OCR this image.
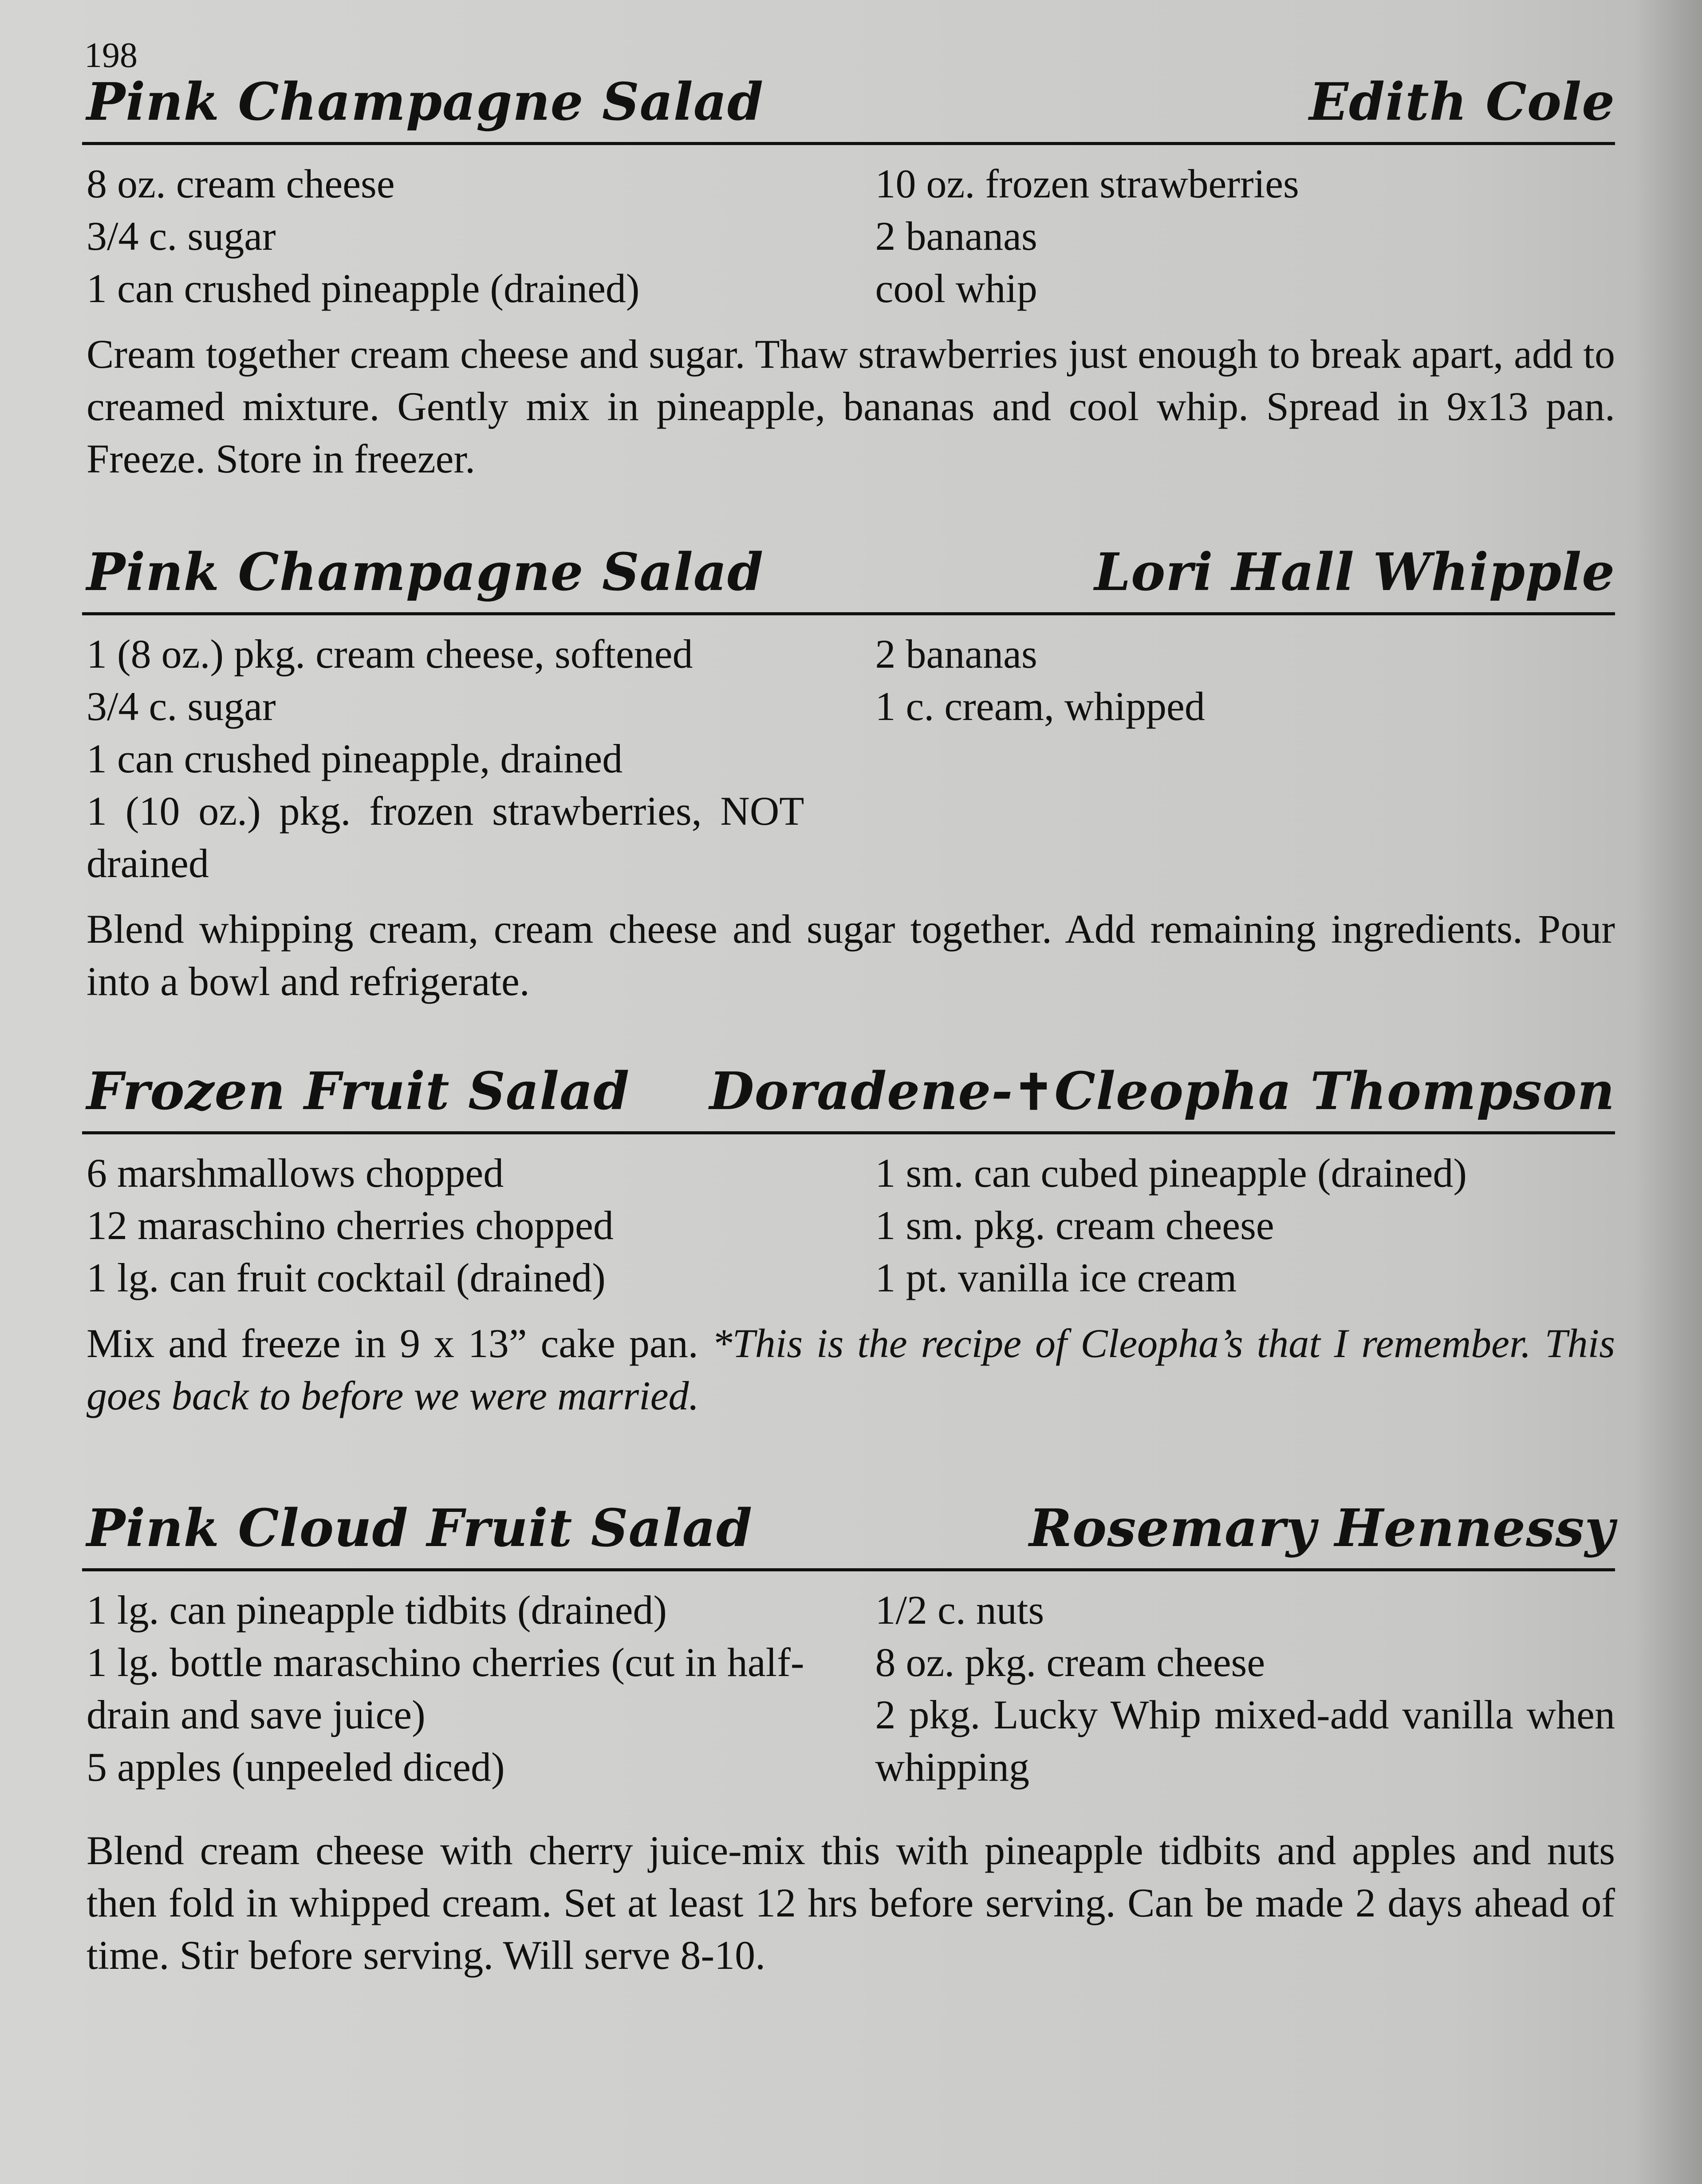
198
Pink Champagne Salad	Edith Cole
8 oz. cream cheese
3/4 c. sugar
1 can crushed pineapple (drained)
10 oz. frozen strawberries
2 bananas
cool whip
Cream together cream cheese and sugar. Thaw strawberries just enough to break apart, add to creamed mixture. Gently mix in pineapple, bananas and cool whip. Spread in 9x13 pan. Freeze. Store in freezer.
Pink Champagne Salad	Lori Hall Whipple
1 (8 oz.) pkg. cream cheese, softened
3/4 c. sugar
1 can crushed pineapple, drained
1 (10 oz.) pkg. frozen strawberries, NOT drained
2 bananas
1 c. cream, whipped
Blend whipping cream, cream cheese and sugar together. Add remaining ingredients. Pour into a bowl and refrigerate.
Frozen Fruit Salad Doradene-✝Cleopha Thompson
6 marshmallows chopped
12 maraschino cherries chopped
1 lg. can fruit cocktail (drained)
1 sm. can cubed pineapple (drained)
1 sm. pkg. cream cheese
1 pt. vanilla ice cream
Mix and freeze in 9 x 13” cake pan. *This is the recipe of Cleopha’s that I remember. This goes back to before we were married.
Pink Cloud Fruit Salad	Rosemary Hennessy
1 lg. can pineapple tidbits (drained)
1 lg. bottle maraschino cherries (cut in half-drain and save juice)
5 apples (unpeeled diced)
1/2 c. nuts
8 oz. pkg. cream cheese
2 pkg. Lucky Whip mixed-add vanilla when whipping
Blend cream cheese with cherry juice-mix this with pineapple tidbits and apples and nuts then fold in whipped cream. Set at least 12 hrs before serving. Can be made 2 days ahead of time. Stir before serving. Will serve 8-10.
